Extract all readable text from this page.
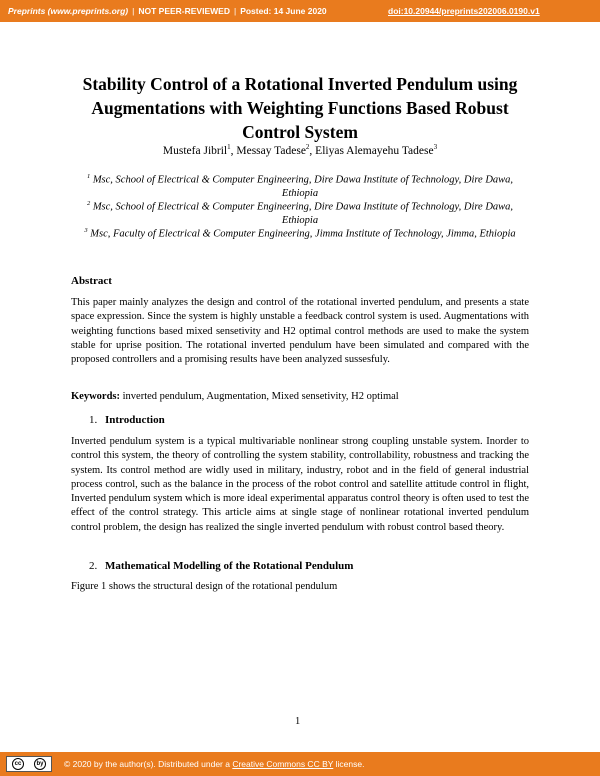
Preprints (www.preprints.org) | NOT PEER-REVIEWED | Posted: 14 June 2020	doi:10.20944/preprints202006.0190.v1
Stability Control of a Rotational Inverted Pendulum using
Augmentations with Weighting Functions Based Robust
Control System
Mustefa Jibril$^1$, Messay Tadese$^2$, Eliyas Alemayehu Tadese$^3$
$^1$ Msc, School of Electrical & Computer Engineering, Dire Dawa Institute of Technology, Dire Dawa, Ethiopia
$^2$ Msc, School of Electrical & Computer Engineering, Dire Dawa Institute of Technology, Dire Dawa, Ethiopia
$^3$ Msc, Faculty of Electrical & Computer Engineering, Jimma Institute of Technology, Jimma, Ethiopia
Abstract
This paper mainly analyzes the design and control of the rotational inverted pendulum, and presents a state space expression. Since the system is highly unstable a feedback control system is used. Augmentations with weighting functions based mixed sensetivity and H2 optimal control methods are used to make the system stable for uprise position. The rotational inverted pendulum have been simulated and compared with the proposed controllers and a promising results have been analyzed sussesfuly.
Keywords: inverted pendulum, Augmentation, Mixed sensetivity, H2 optimal
1. Introduction
Inverted pendulum system is a typical multivariable nonlinear strong coupling unstable system. Inorder to control this system, the theory of controlling the system stability, controllability, robustness and tracking the system. Its control method are widly used in military, industry, robot and in the field of general industrial process control, such as the balance in the process of the robot control and satellite attitude control in flight, Inverted pendulum system which is more ideal experimental apparatus control theory is often used to test the effect of the control strategy. This article aims at single stage of nonlinear rotational inverted pendulum control problem, the design has realized the single inverted pendulum with robust control based theory.
2. Mathematical Modelling of the Rotational Pendulum
Figure 1 shows the structural design of the rotational pendulum
1
cc	by © 2020 by the author(s). Distributed under a Creative Commons CC BY license.
